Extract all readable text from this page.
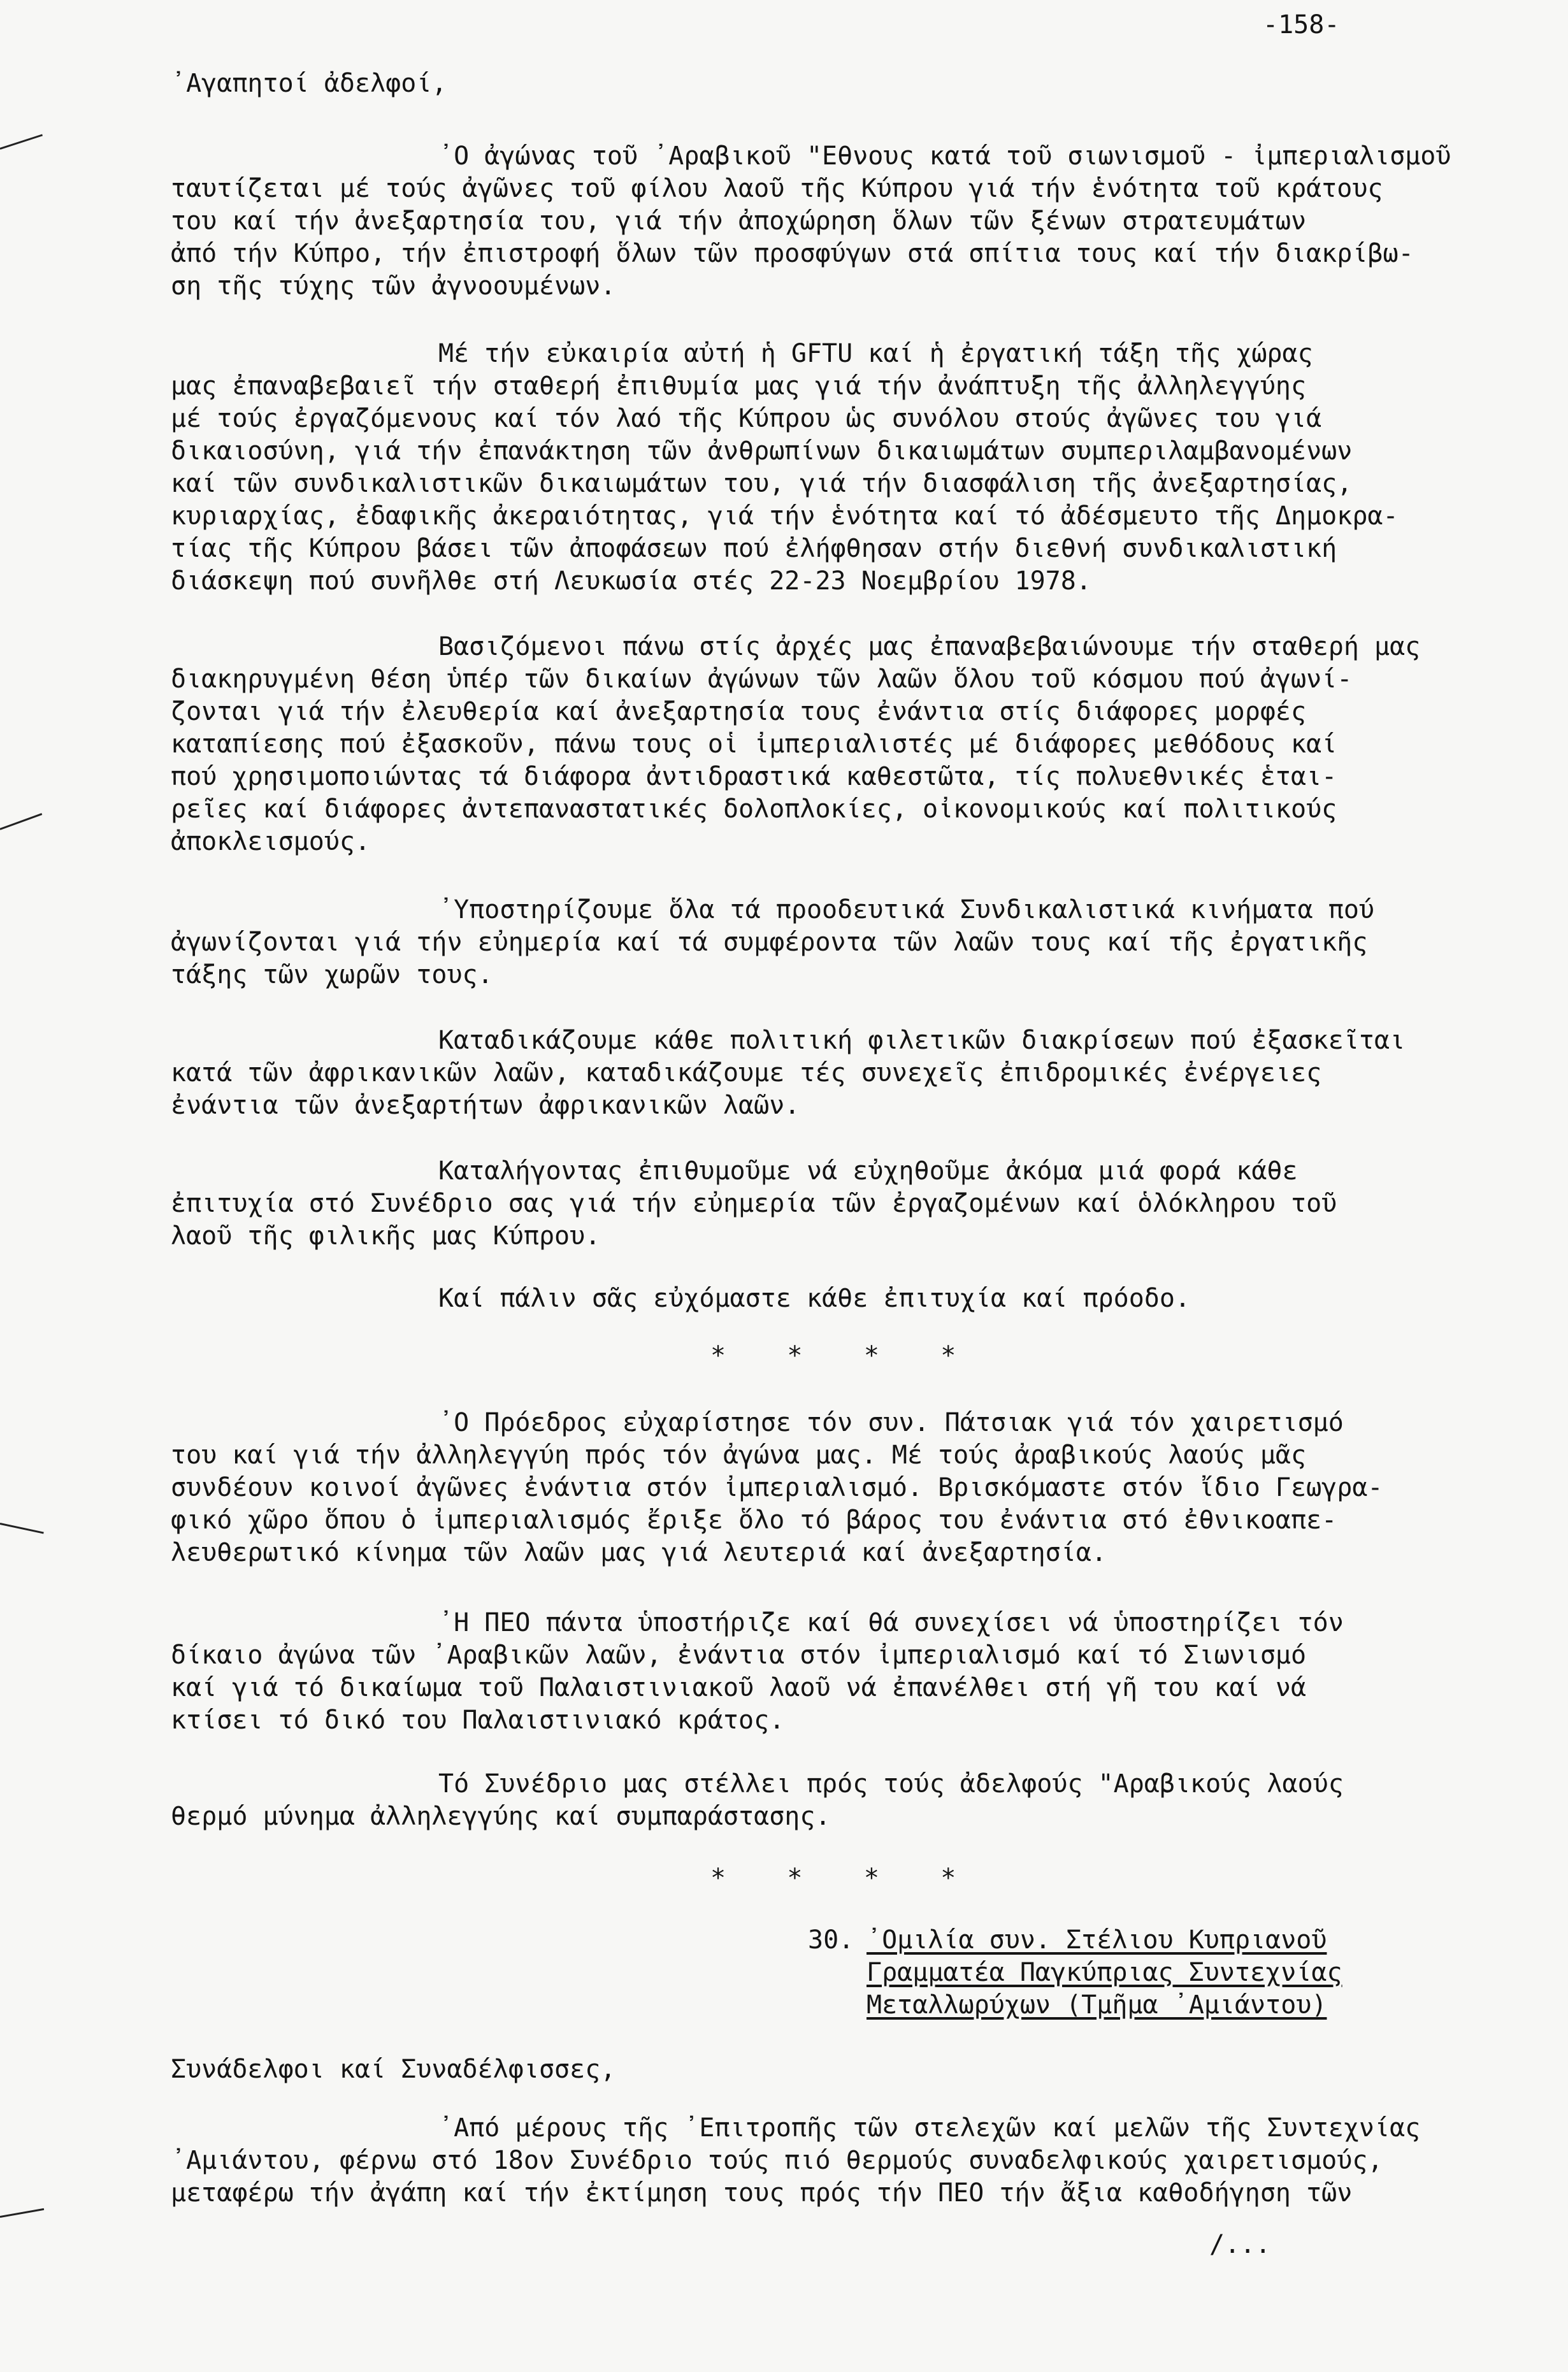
-158-
᾽Αγαπητοί ἀδελφοί,
᾽Ο ἀγώνας τοῦ ᾽Αραβικοῦ "Εθνους κατά τοῦ σιωνισμοῦ - ἰμπεριαλισμοῦ
ταυτίζεται μέ τούς ἀγῶνες τοῦ φίλου λαοῦ τῆς Κύπρου γιά τήν ἑνότητα τοῦ κράτους
του καί τήν ἀνεξαρτησία του, γιά τήν ἀποχώρηση ὅλων τῶν ξένων στρατευμάτων
ἀπό τήν Κύπρο, τήν ἐπιστροφή ὅλων τῶν προσφύγων στά σπίτια τους καί τήν διακρίβω-
ση τῆς τύχης τῶν ἀγνοουμένων.
Μέ τήν εὐκαιρία αὐτή ἡ GFTU καί ἡ ἐργατική τάξη τῆς χώρας
μας ἐπαναβεβαιεῖ τήν σταθερή ἐπιθυμία μας γιά τήν ἀνάπτυξη τῆς ἀλληλεγγύης
μέ τούς ἐργαζόμενους καί τόν λαό τῆς Κύπρου ὡς συνόλου στούς ἀγῶνες του γιά
δικαιοσύνη, γιά τήν ἐπανάκτηση τῶν ἀνθρωπίνων δικαιωμάτων συμπεριλαμβανομένων
καί τῶν συνδικαλιστικῶν δικαιωμάτων του, γιά τήν διασφάλιση τῆς ἀνεξαρτησίας,
κυριαρχίας, ἐδαφικῆς ἀκεραιότητας, γιά τήν ἑνότητα καί τό ἀδέσμευτο τῆς Δημοκρα-
τίας τῆς Κύπρου βάσει τῶν ἀποφάσεων πού ἐλήφθησαν στήν διεθνή συνδικαλιστική
διάσκεψη πού συνῆλθε στή Λευκωσία στές 22-23 Νοεμβρίου 1978.
Βασιζόμενοι πάνω στίς ἀρχές μας ἐπαναβεβαιώνουμε τήν σταθερή μας
διακηρυγμένη θέση ὑπέρ τῶν δικαίων ἀγώνων τῶν λαῶν ὅλου τοῦ κόσμου πού ἀγωνί-
ζονται γιά τήν ἐλευθερία καί ἀνεξαρτησία τους ἐνάντια στίς διάφορες μορφές
καταπίεσης πού ἐξασκοῦν, πάνω τους οἱ ἰμπεριαλιστές μέ διάφορες μεθόδους καί
πού χρησιμοποιώντας τά διάφορα ἀντιδραστικά καθεστῶτα, τίς πολυεθνικές ἑται-
ρεῖες καί διάφορες ἀντεπαναστατικές δολοπλοκίες, οἰκονομικούς καί πολιτικούς
ἀποκλεισμούς.
᾽Υποστηρίζουμε ὅλα τά προοδευτικά Συνδικαλιστικά κινήματα πού
ἀγωνίζονται γιά τήν εὐημερία καί τά συμφέροντα τῶν λαῶν τους καί τῆς ἐργατικῆς
τάξης τῶν χωρῶν τους.
Καταδικάζουμε κάθε πολιτική φιλετικῶν διακρίσεων πού ἐξασκεῖται
κατά τῶν ἀφρικανικῶν λαῶν, καταδικάζουμε τές συνεχεῖς ἐπιδρομικές ἐνέργειες
ἐνάντια τῶν ἀνεξαρτήτων ἀφρικανικῶν λαῶν.
Καταλήγοντας ἐπιθυμοῦμε νά εὐχηθοῦμε ἀκόμα μιά φορά κάθε
ἐπιτυχία στό Συνέδριο σας γιά τήν εὐημερία τῶν ἐργαζομένων καί ὁλόκληρου τοῦ
λαοῦ τῆς φιλικῆς μας Κύπρου.
Καί πάλιν σᾶς εὐχόμαστε κάθε ἐπιτυχία καί πρόοδο.
*    *    *    *
᾽Ο Πρόεδρος εὐχαρίστησε τόν συν. Πάτσιακ γιά τόν χαιρετισμό
του καί γιά τήν ἀλληλεγγύη πρός τόν ἀγώνα μας. Μέ τούς ἀραβικούς λαούς μᾶς
συνδέουν κοινοί ἀγῶνες ἐνάντια στόν ἰμπεριαλισμό. Βρισκόμαστε στόν ἴδιο Γεωγρα-
φικό χῶρο ὅπου ὁ ἰμπεριαλισμός ἔριξε ὅλο τό βάρος του ἐνάντια στό ἐθνικοαπε-
λευθερωτικό κίνημα τῶν λαῶν μας γιά λευτεριά καί ἀνεξαρτησία.
᾽Η ΠΕΟ πάντα ὑποστήριζε καί θά συνεχίσει νά ὑποστηρίζει τόν
δίκαιο ἀγώνα τῶν ᾽Αραβικῶν λαῶν, ἐνάντια στόν ἰμπεριαλισμό καί τό Σιωνισμό
καί γιά τό δικαίωμα τοῦ Παλαιστινιακοῦ λαοῦ νά ἐπανέλθει στή γῆ του καί νά
κτίσει τό δικό του Παλαιστινιακό κράτος.
Τό Συνέδριο μας στέλλει πρός τούς ἀδελφούς "Αραβικούς λαούς
θερμό μύνημα ἀλληλεγγύης καί συμπαράστασης.
*    *    *    *
30. ᾽Ομιλία συν. Στέλιου Κυπριανοῦ
Γραμματέα Παγκύπριας Συντεχνίας
Μεταλλωρύχων (Τμῆμα ᾽Αμιάντου)
Συνάδελφοι καί Συναδέλφισσες,
᾽Από μέρους τῆς ᾽Επιτροπῆς τῶν στελεχῶν καί μελῶν τῆς Συντεχνίας
᾽Αμιάντου, φέρνω στό 18ον Συνέδριο τούς πιό θερμούς συναδελφικούς χαιρετισμούς,
μεταφέρω τήν ἀγάπη καί τήν ἐκτίμηση τους πρός τήν ΠΕΟ τήν ἄξια καθοδήγηση τῶν
/...
